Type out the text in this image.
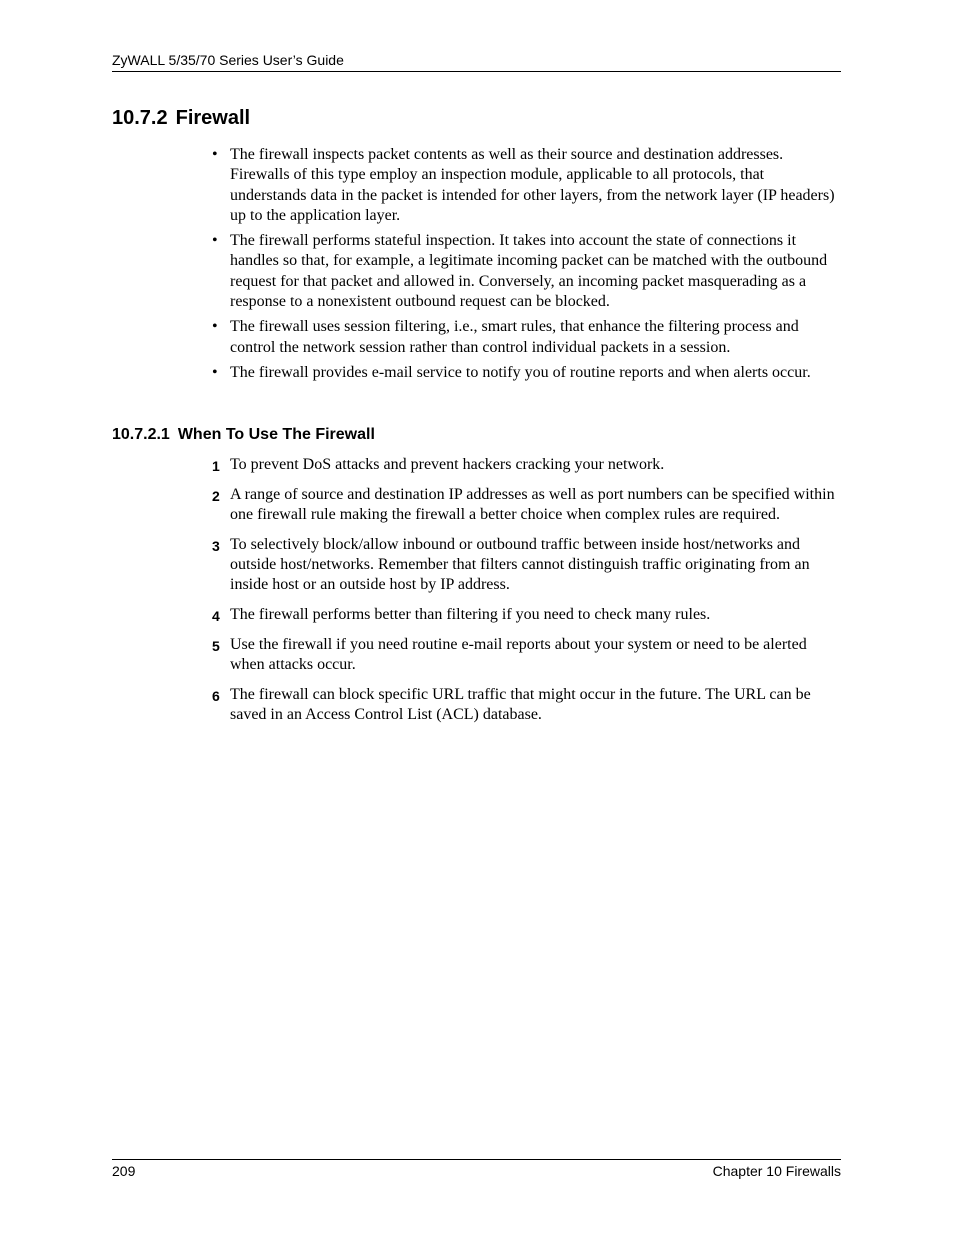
ZyWALL 5/35/70 Series User’s Guide
10.7.2 Firewall
• The firewall inspects packet contents as well as their source and destination addresses. Firewalls of this type employ an inspection module, applicable to all protocols, that understands data in the packet is intended for other layers, from the network layer (IP headers) up to the application layer.
• The firewall performs stateful inspection. It takes into account the state of connections it handles so that, for example, a legitimate incoming packet can be matched with the outbound request for that packet and allowed in. Conversely, an incoming packet masquerading as a response to a nonexistent outbound request can be blocked.
• The firewall uses session filtering, i.e., smart rules, that enhance the filtering process and control the network session rather than control individual packets in a session.
• The firewall provides e-mail service to notify you of routine reports and when alerts occur.
10.7.2.1 When To Use The Firewall
1 To prevent DoS attacks and prevent hackers cracking your network.
2 A range of source and destination IP addresses as well as port numbers can be specified within one firewall rule making the firewall a better choice when complex rules are required.
3 To selectively block/allow inbound or outbound traffic between inside host/networks and outside host/networks. Remember that filters cannot distinguish traffic originating from an inside host or an outside host by IP address.
4 The firewall performs better than filtering if you need to check many rules.
5 Use the firewall if you need routine e-mail reports about your system or need to be alerted when attacks occur.
6 The firewall can block specific URL traffic that might occur in the future. The URL can be saved in an Access Control List (ACL) database.
209	Chapter 10 Firewalls
